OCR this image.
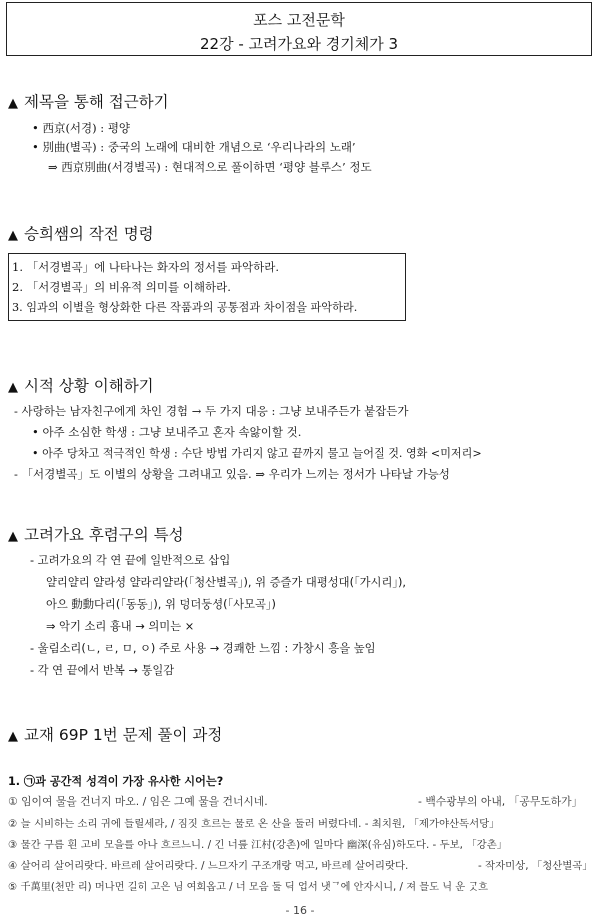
포스 고전문학
22강 - 고려가요와 경기체가 3
▲ 제목을 통해 접근하기
• 西京(서경) : 평양
• 別曲(별곡) : 중국의 노래에 대비한 개념으로 ‘우리나라의 노래’
⇒ 西京別曲(서경별곡) : 현대적으로 풀이하면 ‘평양 블루스’ 정도
▲ 승희쌤의 작전 명령
1. 「서경별곡」에 나타나는 화자의 정서를 파악하라.
2. 「서경별곡」의 비유적 의미를 이해하라.
3. 임과의 이별을 형상화한 다른 작품과의 공통점과 차이점을 파악하라.
▲ 시적 상황 이해하기
- 사랑하는 남자친구에게 차인 경험 → 두 가지 대응 : 그냥 보내주든가 붙잡든가
• 아주 소심한 학생 : 그냥 보내주고 혼자 속앓이할 것.
• 아주 당차고 적극적인 학생 : 수단 방법 가리지 않고 끝까지 물고 늘어질 것. 영화 <미저리>
- 「서경별곡」도 이별의 상황을 그려내고 있음. ⇒ 우리가 느끼는 정서가 나타날 가능성
▲ 고려가요 후렴구의 특성
- 고려가요의 각 연 끝에 일반적으로 삽입
얄리얄리 얄라셩 얄라리얄라(「청산별곡」), 위 증즐가 대평성대(「가시리」),
아으 動動다리(「동동」), 위 덩더둥셩(「사모곡」)
⇒ 악기 소리 흉내 → 의미는 ×
- 울림소리(ㄴ, ㄹ, ㅁ, ㅇ) 주로 사용 → 경쾌한 느낌 : 가창시 흥을 높임
- 각 연 끝에서 반복 → 통일감
▲ 교재 69P 1번 문제 풀이 과정
1. ㉠과 공간적 성격이 가장 유사한 시어는?
① 임이여 물을 건너지 마오. / 임은 그예 물을 건너시네.	- 백수광부의 아내, 「공무도하가」
② 늘 시비하는 소리 귀에 들릴세라, / 짐짓 흐르는 물로 온 산을 둘러 버렸다네. - 최치원, 「제가야산독서당」
③ 물간 구름 흰 고비 모을를 아나 흐르느니. / 긴 너릎 江村(강촌)에 일마다 幽深(유심)하도다. - 두보, 「강촌」
④ 살어리 살어리랏다. 바르레 살어리랏다. / 느므자기 구조개랑 먹고, 바르레 살어리랏다.	- 작자미상, 「청산별곡」
⑤ 千萬里(천만 리) 머나먼 길히 고은 님 여희옵고 / 너 모음 둘 딕 업서 냇ᄀ에 안자시니, / 져 믈도 닉 운 ᄀᆞᆺ흐
- 16 -
